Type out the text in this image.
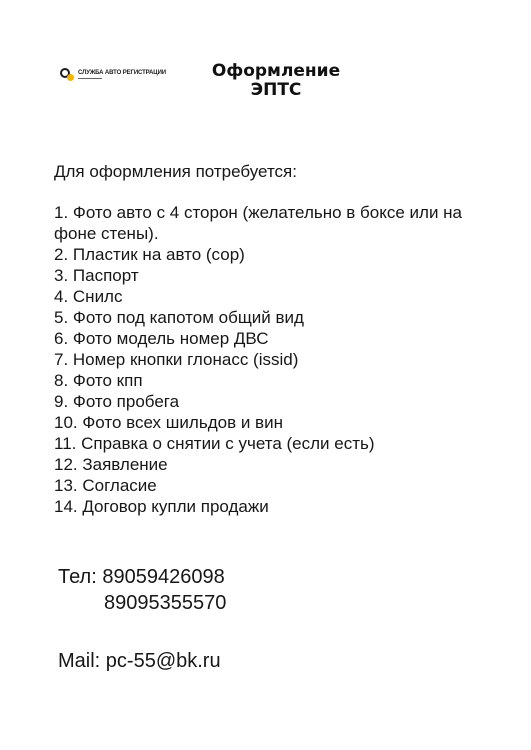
СЛУЖБА АВТО РЕГИСТРАЦИИ
▬▬▬▬▬▬▬▬	Оформление
ЭПТС
Для оформления потребуется:
1. Фото авто с 4 сторон (желательно в боксе или на фоне стены).
2. Пластик на авто (сор)
3. Паспорт
4. Снилс
5. Фото под капотом общий вид
6. Фото модель номер ДВС
7. Номер кнопки глонасс (issid)
8. Фото кпп
9. Фото пробега
10. Фото всех шильдов и вин
11. Справка о снятии с учета (если есть)
12. Заявление
13. Согласие
14. Договор купли продажи
Тел: 89059426098
89095355570
Mail: pc-55@bk.ru
